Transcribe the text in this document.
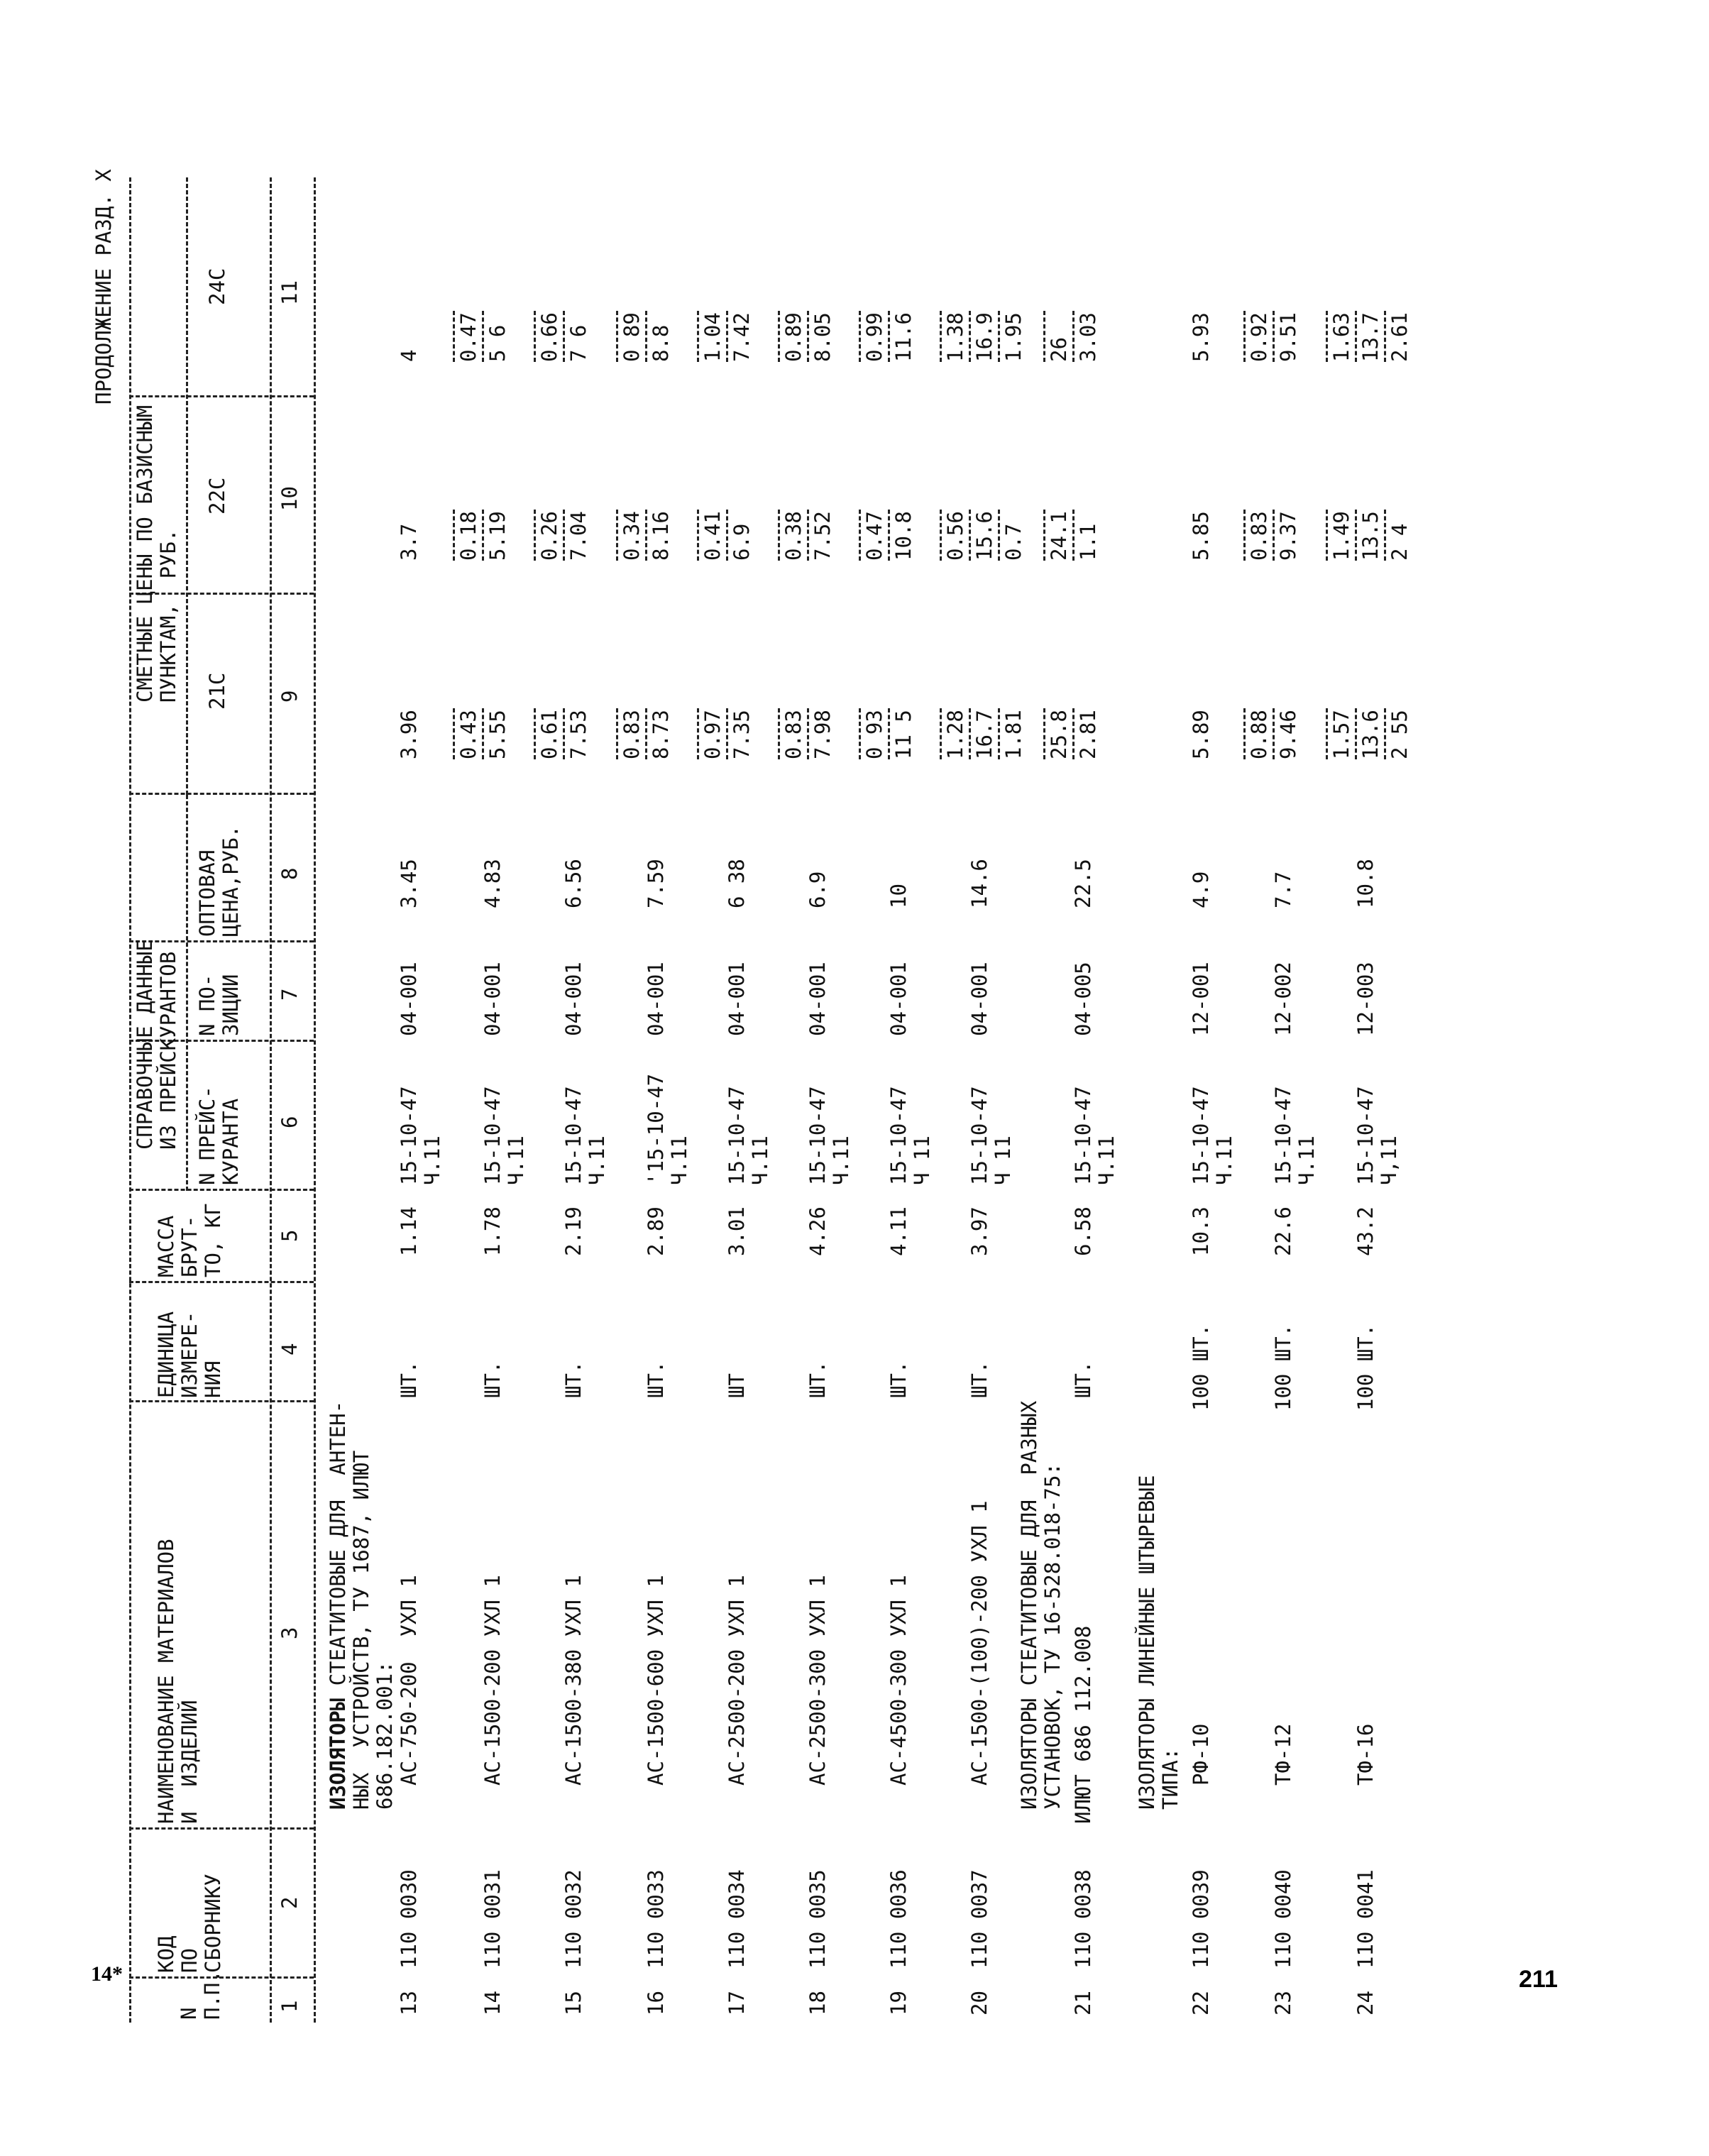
14*	211
ПРОДОЛЖЕНИЕ РАЗД. X
N П.П.
КОД ПО СБОРНИКУ
НАИМЕНОВАНИЕ МАТЕРИАЛОВ И  ИЗДЕЛИЙ
ЕДИНИЦА ИЗМЕРЕ- НИЯ
МАССА БРУТ- ТО, КГ
СПРАВОЧНЫЕ ДАННЫЕ ИЗ ПРЕЙСКУРАНТОВ N ПРЕЙС- КУРАНТА
N ПО- ЗИЦИИ
ОПТОВАЯ ЦЕНА,РУБ.
СМЕТНЫЕ ЦЕНЫ ПО БАЗИСНЫМ ПУНКТАМ,  РУБ. 21С
22С
24С
1
2
3
4
5
6
7
8
9
10
11
ИЗОЛЯТОРЫ СТЕАТИТОВЫЕ ДЛЯ  АНТЕН- НЫХ  УСТРОЙСТВ, ТУ 1687, ИЛЮТ 686.182.001:
13
110 0030
АС-750-200  УХЛ 1
ШТ.
1.14
15-10-47 Ч.11
04-001
3.45
3.96
3.7
4
14
110 0031
АС-1500-200 УХЛ 1
ШТ.
1.78
15-10-47 Ч.11
04-001
4.83
0.43 5.55
0.18 5.19
0.47 5 6
15
110 0032
АС-1500-380 УХЛ 1
ШТ.
2.19
15-10-47 Ч.11
04-001
6.56
0.61 7.53
0.26 7.04
0.66 7 6
16
110 0033
АС-1500-600 УХЛ 1
ШТ.
2.89
'15-10-47 Ч.11
04-001
7.59
0.83 8.73
0.34 8.16
0 89 8.8
17
110 0034
АС-2500-200 УХЛ 1
ШТ
3.01
15-10-47 Ч.11
04-001
6 38
0.97 7.35
0.41 6.9
1.04 7.42
18
110 0035
АС-2500-300 УХЛ 1
ШТ.
4.26
15-10-47 Ч.11
04-001
6.9
0.83 7.98
0.38 7.52
0.89 8.05
19
110 0036
АС-4500-300 УХЛ 1
ШТ.
4.11
15-10-47 Ч 11
04-001
10
0 93 11 5
0.47 10.8
0.99 11.6
20
110 0037
АС-1500-(100)-200 УХЛ 1
ШТ.
3.97
15-10-47 Ч 11
04-001
14.6
1.28 16.7 1.81
0.56 15.6 0.7
1.38 16.9 1.95
ИЗОЛЯТОРЫ СТЕАТИТОВЫЕ ДЛЯ  РАЗНЫХ УСТАНОВОК, ТУ 16-528.018-75:
21
110 0038
ИЛЮТ 686 112.008
ШТ.
6.58
15-10-47 Ч.11
04-005
22.5
25.8 2.81
24.1 1.1
26 3.03
ИЗОЛЯТОРЫ ЛИНЕЙНЫЕ ШТЫРЕВЫЕ ТИПА:
22
110 0039
РФ-10
100 ШТ.
10.3
15-10-47 Ч.11
12-001
4.9
5.89
5.85
5.93
23
110 0040
ТФ-12
100 ШТ.
22.6
15-10-47 Ч.11
12-002
7.7
0.88 9.46
0.83 9.37
0.92 9.51
24
110 0041
ТФ-16
100 ШТ.
43.2
15-10-47 Ч,11
12-003
10.8
1.57 13.6 2 55
1.49 13.5 2 4
1.63 13.7 2.61
